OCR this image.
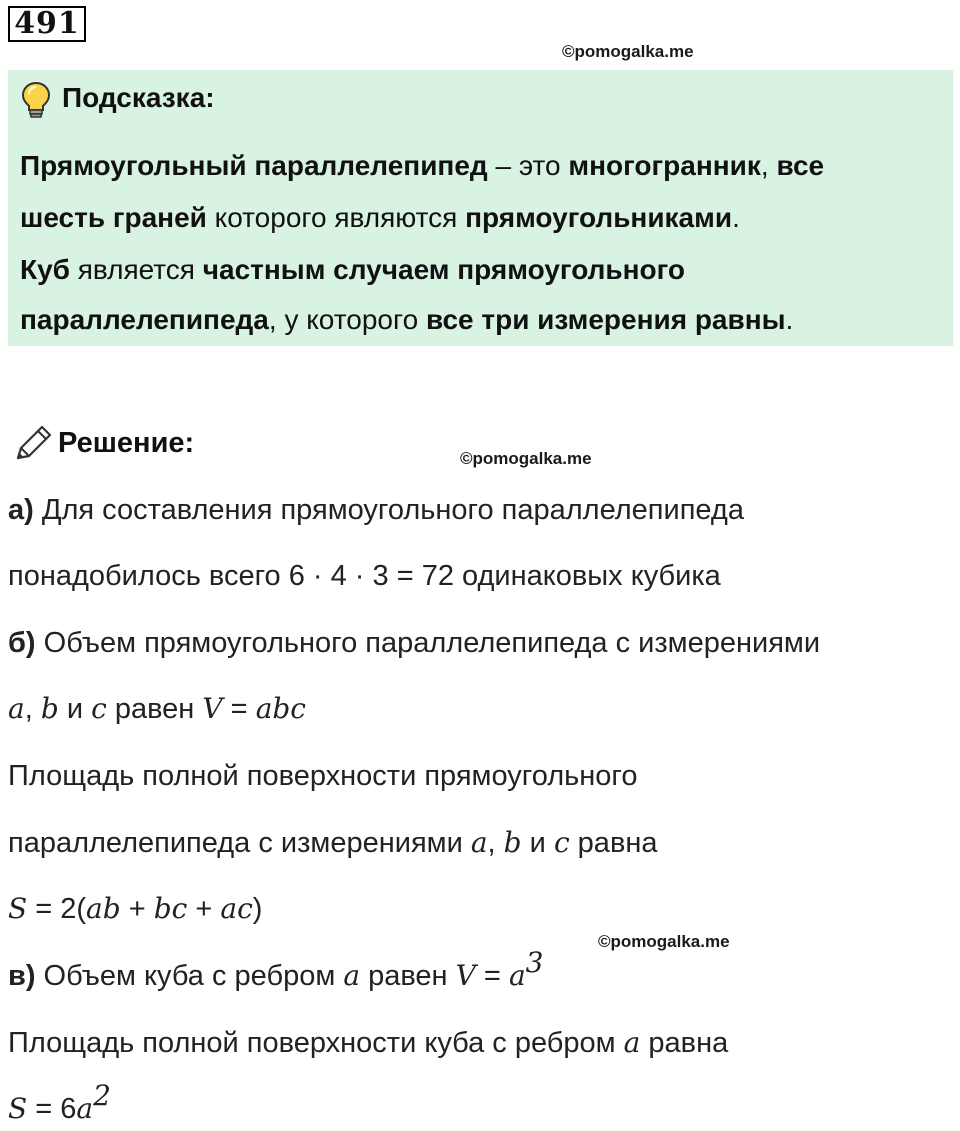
491
©pomogalka.me
©pomogalka.me
©pomogalka.me
Подсказка:
Прямоугольный параллелепипед – это многогранник, все
шесть граней которого являются прямоугольниками.
Куб является частным случаем прямоугольного
параллелепипеда, у которого все три измерения равны.
Решение:
а) Для составления прямоугольного параллелепипеда
понадобилось всего 6 · 4 · 3 = 72 одинаковых кубика
б) Объем прямоугольного параллелепипеда с измерениями
a, b и c равен V = abc
Площадь полной поверхности прямоугольного
параллелепипеда с измерениями a, b и c равна
S = 2(ab + bc + ac)
в) Объем куба с ребром a равен $V = a^3$
Площадь полной поверхности куба с ребром a равна
$S = 6a^2$
